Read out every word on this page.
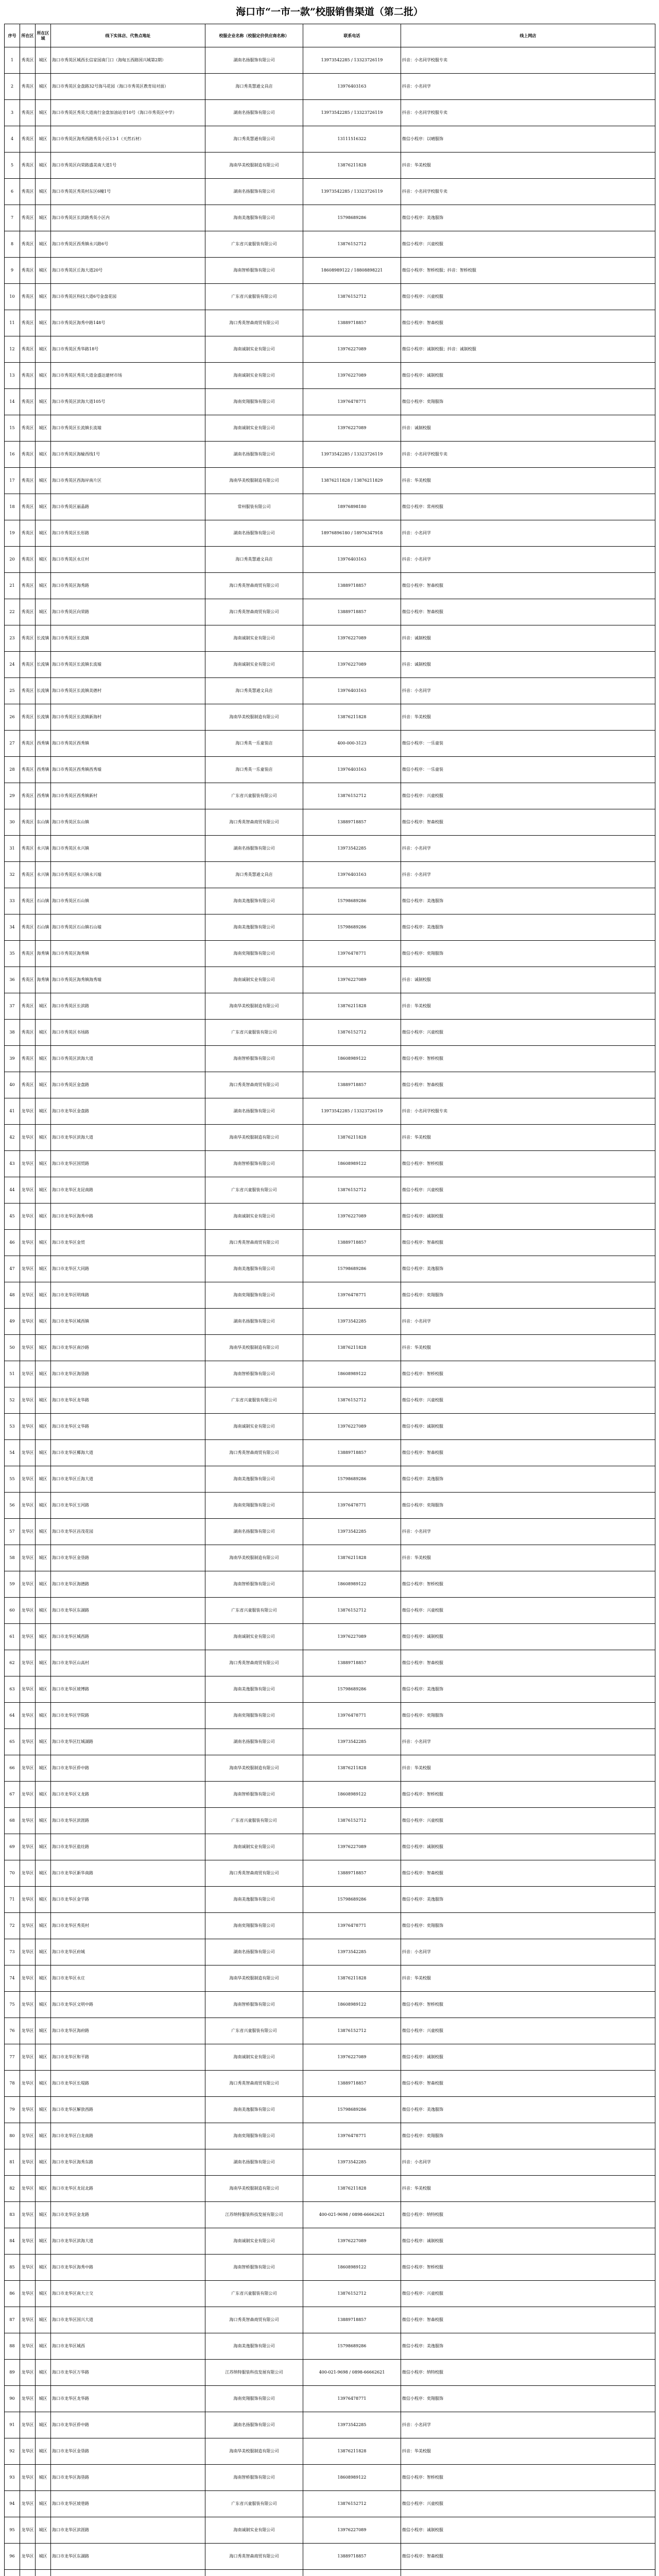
海口市“一市一款”校服销售渠道（第二批）
序号	所在区	所在区域	线下实体店、代售点地址	校服企业名称（校服定价供应商名称）	联系电话	线上网店
1	秀英区	城区	海口市秀英区城西长信家园南门口（海甸五西路国兴城第2期）	湖南名扬服饰有限公司	13973542285 / 13323726119	抖音：小名同学校服专卖
2	秀英区	城区	海口市秀英区金盘路32号海马花园（海口市秀英区教育局对面）	海口秀英慧通文具店	13976403163	抖音：小名同学
3	秀英区	城区	海口市秀英区秀英大道南行金盘加油站旁10号（海口市秀英区中学）	湖南名扬服饰有限公司	13973542285 / 13323726119	抖音：小名同学校服专卖
4	秀英区	城区	海口市秀英区海秀西路秀英小区13-1（天然石材）	海口秀英慧通有限公司	13111516322	微信小程序：以晴服饰
5	秀英区	城区	海口市秀英区向荣路盛美南大道1号	海南华美校服制造有限公司	13876211828	抖音：华美校服
6	秀英区	城区	海口市秀英区秀英村东区6幢1号	湖南名扬服饰有限公司	13973542285 / 13323726119	抖音：小名同学校服专卖
7	秀英区	城区	海口市秀英区长滨路秀英小区内	海南美逸服饰有限公司	15798689286	微信小程序：美逸服饰
8	秀英区	城区	海口市秀英区西秀镇永兴路6号	广东省兴童服装有限公司	13876152712	微信小程序：兴童校服
9	秀英区	城区	海口市秀英区丘海大道20号	海南智桥服饰有限公司	18608989122 / 18808898221	微信小程序：智桥校服；抖音：智桥校服
10	秀英区	城区	海口市秀英区科技大道6号金盘花园	广东省兴童服装有限公司	13876152712	微信小程序：兴童校服
11	秀英区	城区	海口市秀英区海秀中路148号	海口秀英智森商贸有限公司	13889718857	微信小程序：智森校服
12	秀英区	城区	海口市秀英区秀华路18号	海南诚制实业有限公司	13976227089	微信小程序：诚制校服；抖音：诚制校服
13	秀英区	城区	海口市秀英区秀英大道金盛达建材市场	海南诚制实业有限公司	13976227089	微信小程序：诚制校服
14	秀英区	城区	海口市秀英区滨海大道105号	海南奕翔服饰有限公司	13976478771	微信小程序：奕翔服饰
15	秀英区	城区	海口市秀英区长流镇长流墟	海南诚制实业有限公司	13976227089	抖音：诚制校服
16	秀英区	城区	海口市秀英区海榆西线1号	湖南名扬服饰有限公司	13973542285 / 13323726119	抖音：小名同学校服专卖
17	秀英区	城区	海口市秀英区西海岸南片区	海南华美校服制造有限公司	13876211828 / 13876211829	抖音：华美校服
18	秀英区	城区	海口市秀英区丽晶路	常州服装有限公司	18976898180	微信小程序：常州校服
19	秀英区	城区	海口市秀英区长彤路	湖南名扬服饰有限公司	18976896180 / 18976347918	抖音：小名同学
20	秀英区	城区	海口市秀英区永庄村	海口秀英慧通文具店	13976403163	抖音：小名同学
21	秀英区	城区	海口市秀英区海秀路	海口秀英智森商贸有限公司	13889718857	微信小程序：智森校服
22	秀英区	城区	海口市秀英区向荣路	海口秀英智森商贸有限公司	13889718857	微信小程序：智森校服
23	秀英区	长流镇	海口市秀英区长流镇	海南诚制实业有限公司	13976227089	抖音：诚制校服
24	秀英区	长流镇	海口市秀英区长流镇长流墟	海南诚制实业有限公司	13976227089	抖音：诚制校服
25	秀英区	长流镇	海口市秀英区长流镇美德村	海口秀英慧通文具店	13976403163	抖音：小名同学
26	秀英区	长流镇	海口市秀英区长流镇新海村	海南华美校服制造有限公司	13876211828	抖音：华美校服
27	秀英区	西秀镇	海口市秀英区西秀镇	海口秀英一乐童装店	400-000-3123	微信小程序：一乐童装
28	秀英区	西秀镇	海口市秀英区西秀镇西秀墟	海口秀英一乐童装店	13976403163	微信小程序：一乐童装
29	秀英区	西秀镇	海口市秀英区西秀镇新村	广东省兴童服装有限公司	13876152712	微信小程序：兴童校服
30	秀英区	东山镇	海口市秀英区东山镇	海口秀英智森商贸有限公司	13889718857	微信小程序：智森校服
31	秀英区	永兴镇	海口市秀英区永兴镇	湖南名扬服饰有限公司	13973542285	抖音：小名同学
32	秀英区	永兴镇	海口市秀英区永兴镇永兴墟	海口秀英慧通文具店	13976403163	抖音：小名同学
33	秀英区	石山镇	海口市秀英区石山镇	海南美逸服饰有限公司	15798689286	微信小程序：美逸服饰
34	秀英区	石山镇	海口市秀英区石山镇石山墟	海南美逸服饰有限公司	15798689286	微信小程序：美逸服饰
35	秀英区	海秀镇	海口市秀英区海秀镇	海南奕翔服饰有限公司	13976478771	微信小程序：奕翔服饰
36	秀英区	海秀镇	海口市秀英区海秀镇海秀墟	海南诚制实业有限公司	13976227089	抖音：诚制校服
37	秀英区	城区	海口市秀英区长滨路	海南华美校服制造有限公司	13876211828	抖音：华美校服
38	秀英区	城区	海口市秀英区书场路	广东省兴童服装有限公司	13876152712	微信小程序：兴童校服
39	秀英区	城区	海口市秀英区滨海大道	海南智桥服饰有限公司	18608989122	微信小程序：智桥校服
40	秀英区	城区	海口市秀英区金盘路	海口秀英智森商贸有限公司	13889718857	微信小程序：智森校服
41	龙华区	城区	海口市龙华区金盘路	湖南名扬服饰有限公司	13973542285 / 13323726119	抖音：小名同学校服专卖
42	龙华区	城区	海口市龙华区滨海大道	海南华美校服制造有限公司	13876211828	抖音：华美校服
43	龙华区	城区	海口市龙华区国贸路	海南智桥服饰有限公司	18608989122	微信小程序：智桥校服
44	龙华区	城区	海口市龙华区龙昆南路	广东省兴童服装有限公司	13876152712	微信小程序：兴童校服
45	龙华区	城区	海口市龙华区海秀中路	海南诚制实业有限公司	13976227089	微信小程序：诚制校服
46	龙华区	城区	海口市龙华区金贸	海口秀英智森商贸有限公司	13889718857	微信小程序：智森校服
47	龙华区	城区	海口市龙华区大同路	海南美逸服饰有限公司	15798689286	微信小程序：美逸服饰
48	龙华区	城区	海口市龙华区明珠路	海南奕翔服饰有限公司	13976478771	微信小程序：奕翔服饰
49	龙华区	城区	海口市龙华区城西镇	湖南名扬服饰有限公司	13973542285	抖音：小名同学
50	龙华区	城区	海口市龙华区南沙路	海南华美校服制造有限公司	13876211828	抖音：华美校服
51	龙华区	城区	海口市龙华区海垦路	海南智桥服饰有限公司	18608989122	微信小程序：智桥校服
52	龙华区	城区	海口市龙华区龙华路	广东省兴童服装有限公司	13876152712	微信小程序：兴童校服
53	龙华区	城区	海口市龙华区文华路	海南诚制实业有限公司	13976227089	微信小程序：诚制校服
54	龙华区	城区	海口市龙华区椰海大道	海口秀英智森商贸有限公司	13889718857	微信小程序：智森校服
55	龙华区	城区	海口市龙华区丘海大道	海南美逸服饰有限公司	15798689286	微信小程序：美逸服饰
56	龙华区	城区	海口市龙华区玉河路	海南奕翔服饰有限公司	13976478771	微信小程序：奕翔服饰
57	龙华区	城区	海口市龙华区昌茂花园	湖南名扬服饰有限公司	13973542285	抖音：小名同学
58	龙华区	城区	海口市龙华区金垦路	海南华美校服制造有限公司	13876211828	抖音：华美校服
59	龙华区	城区	海口市龙华区海德路	海南智桥服饰有限公司	18608989122	微信小程序：智桥校服
60	龙华区	城区	海口市龙华区东湖路	广东省兴童服装有限公司	13876152712	微信小程序：兴童校服
61	龙华区	城区	海口市龙华区城西路	海南诚制实业有限公司	13976227089	微信小程序：诚制校服
62	龙华区	城区	海口市龙华区山高村	海口秀英智森商贸有限公司	13889718857	微信小程序：智森校服
63	龙华区	城区	海口市龙华区坡博路	海南美逸服饰有限公司	15798689286	微信小程序：美逸服饰
64	龙华区	城区	海口市龙华区学院路	海南奕翔服饰有限公司	13976478771	微信小程序：奕翔服饰
65	龙华区	城区	海口市龙华区红城湖路	湖南名扬服饰有限公司	13973542285	抖音：小名同学
66	龙华区	城区	海口市龙华区侨中路	海南华美校服制造有限公司	13876211828	抖音：华美校服
67	龙华区	城区	海口市龙华区义龙路	海南智桥服饰有限公司	18608989122	微信小程序：智桥校服
68	龙华区	城区	海口市龙华区滨涯路	广东省兴童服装有限公司	13876152712	微信小程序：兴童校服
69	龙华区	城区	海口市龙华区盐灶路	海南诚制实业有限公司	13976227089	微信小程序：诚制校服
70	龙华区	城区	海口市龙华区新华南路	海口秀英智森商贸有限公司	13889718857	微信小程序：智森校服
71	龙华区	城区	海口市龙华区金宇路	海南美逸服饰有限公司	15798689286	微信小程序：美逸服饰
72	龙华区	城区	海口市龙华区秀英村	海南奕翔服饰有限公司	13976478771	微信小程序：奕翔服饰
73	龙华区	城区	海口市龙华区府城	湖南名扬服饰有限公司	13973542285	抖音：小名同学
74	龙华区	城区	海口市龙华区永庄	海南华美校服制造有限公司	13876211828	抖音：华美校服
75	龙华区	城区	海口市龙华区文明中路	海南智桥服饰有限公司	18608989122	微信小程序：智桥校服
76	龙华区	城区	海口市龙华区海府路	广东省兴童服装有限公司	13876152712	微信小程序：兴童校服
77	龙华区	城区	海口市龙华区和平路	海南诚制实业有限公司	13976227089	微信小程序：诚制校服
78	龙华区	城区	海口市龙华区长堤路	海口秀英智森商贸有限公司	13889718857	微信小程序：智森校服
79	龙华区	城区	海口市龙华区解放西路	海南美逸服饰有限公司	15798689286	微信小程序：美逸服饰
80	龙华区	城区	海口市龙华区白龙南路	海南奕翔服饰有限公司	13976478771	微信小程序：奕翔服饰
81	龙华区	城区	海口市龙华区海秀东路	湖南名扬服饰有限公司	13973542285	抖音：小名同学
82	龙华区	城区	海口市龙华区龙昆北路	海南华美校服制造有限公司	13876211828	抖音：华美校服
83	龙华区	城区	海口市龙华区金龙路	江苏纳特服装科技发展有限公司	400-021-9698 / 0898-66662621	微信小程序：纳特校服
84	龙华区	城区	海口市龙华区滨海大道	海南诚制实业有限公司	13976227089	微信小程序：诚制校服
85	龙华区	城区	海口市龙华区海秀中路	海南智桥服饰有限公司	18608989122	微信小程序：智桥校服
86	龙华区	城区	海口市龙华区南大立交	广东省兴童服装有限公司	13876152712	微信小程序：兴童校服
87	龙华区	城区	海口市龙华区国兴大道	海口秀英智森商贸有限公司	13889718857	微信小程序：智森校服
88	龙华区	城区	海口市龙华区城西	海南美逸服饰有限公司	15798689286	微信小程序：美逸服饰
89	龙华区	城区	海口市龙华区万华路	江苏纳特服装科技发展有限公司	400-021-9698 / 0898-66662621	微信小程序：纳特校服
90	龙华区	城区	海口市龙华区龙华路	海南奕翔服饰有限公司	13976478771	微信小程序：奕翔服饰
91	龙华区	城区	海口市龙华区侨中路	湖南名扬服饰有限公司	13973542285	抖音：小名同学
92	龙华区	城区	海口市龙华区金垦路	海南华美校服制造有限公司	13876211828	抖音：华美校服
93	龙华区	城区	海口市龙华区海垦路	海南智桥服饰有限公司	18608989122	微信小程序：智桥校服
94	龙华区	城区	海口市龙华区坡巷路	广东省兴童服装有限公司	13876152712	微信小程序：兴童校服
95	龙华区	城区	海口市龙华区滨涯路	海南诚制实业有限公司	13976227089	微信小程序：诚制校服
96	龙华区	城区	海口市龙华区东湖路	海口秀英智森商贸有限公司	13889718857	微信小程序：智森校服
